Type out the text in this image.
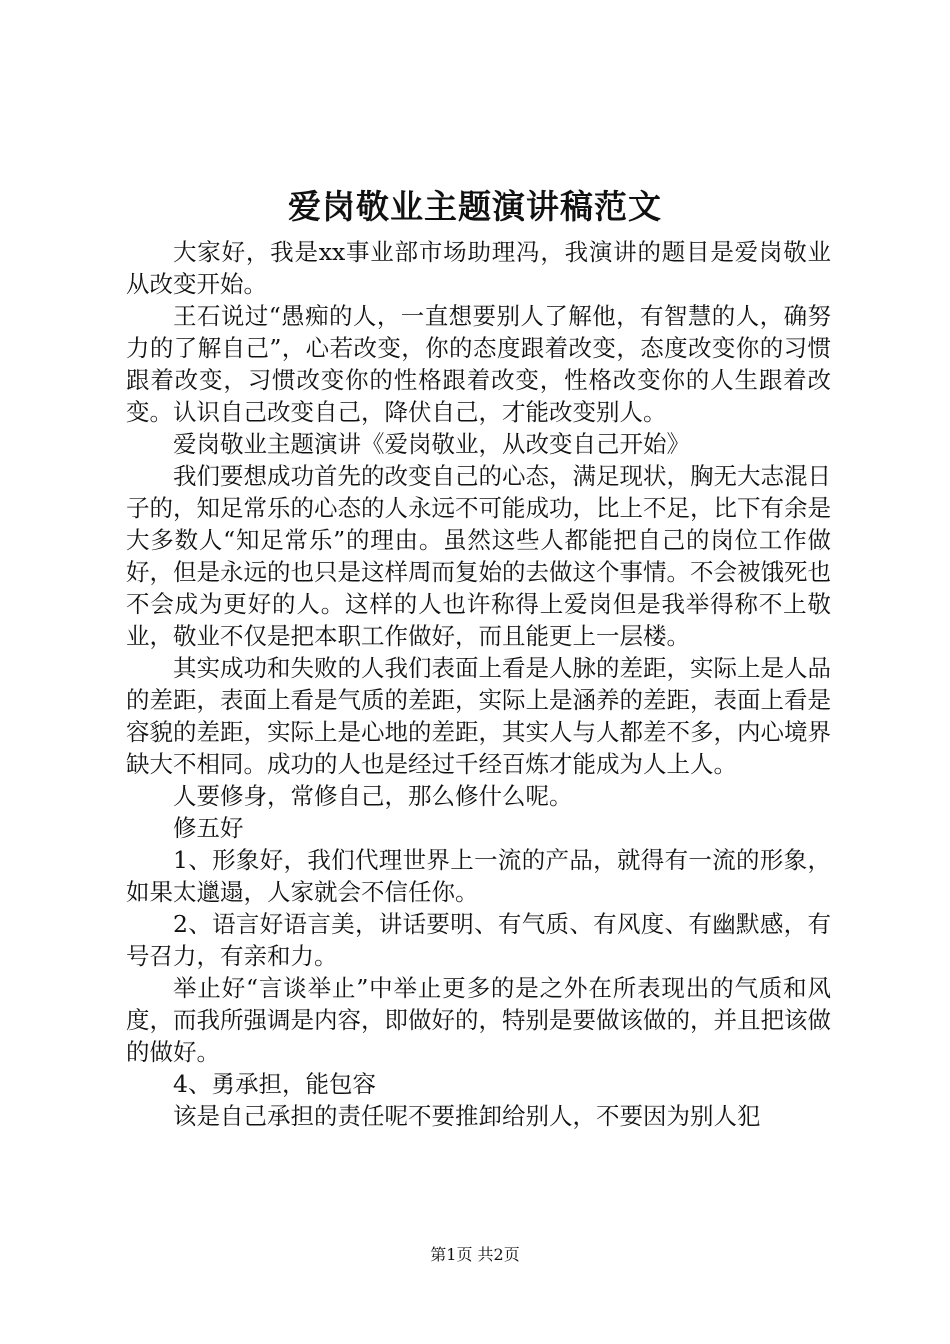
爱岗敬业主题演讲稿范文

大家好，我是xx事业部市场助理冯，我演讲的题目是爱岗敬业从改变开始。

王石说过“愚痴的人，一直想要别人了解他，有智慧的人，确努力的了解自己”，心若改变，你的态度跟着改变，态度改变你的习惯跟着改变，习惯改变你的性格跟着改变，性格改变你的人生跟着改变。认识自己改变自己，降伏自己，才能改变别人。

爱岗敬业主题演讲《爱岗敬业，从改变自己开始》

我们要想成功首先的改变自己的心态，满足现状，胸无大志混日子的，知足常乐的心态的人永远不可能成功，比上不足，比下有余是大多数人“知足常乐”的理由。虽然这些人都能把自己的岗位工作做好，但是永远的也只是这样周而复始的去做这个事情。不会被饿死也不会成为更好的人。这样的人也许称得上爱岗但是我举得称不上敬业，敬业不仅是把本职工作做好，而且能更上一层楼。

其实成功和失败的人我们表面上看是人脉的差距，实际上是人品的差距，表面上看是气质的差距，实际上是涵养的差距，表面上看是容貌的差距，实际上是心地的差距，其实人与人都差不多，内心境界缺大不相同。成功的人也是经过千经百炼才能成为人上人。

人要修身，常修自己，那么修什么呢。

修五好

1、形象好，我们代理世界上一流的产品，就得有一流的形象，如果太邋遢，人家就会不信任你。

2、语言好语言美，讲话要明、有气质、有风度、有幽默感，有号召力，有亲和力。

举止好“言谈举止”中举止更多的是之外在所表现出的气质和风度，而我所强调是内容，即做好的，特别是要做该做的，并且把该做的做好。

4、勇承担，能包容

该是自己承担的责任呢不要推卸给别人，不要因为别人犯

第1页 共2页
